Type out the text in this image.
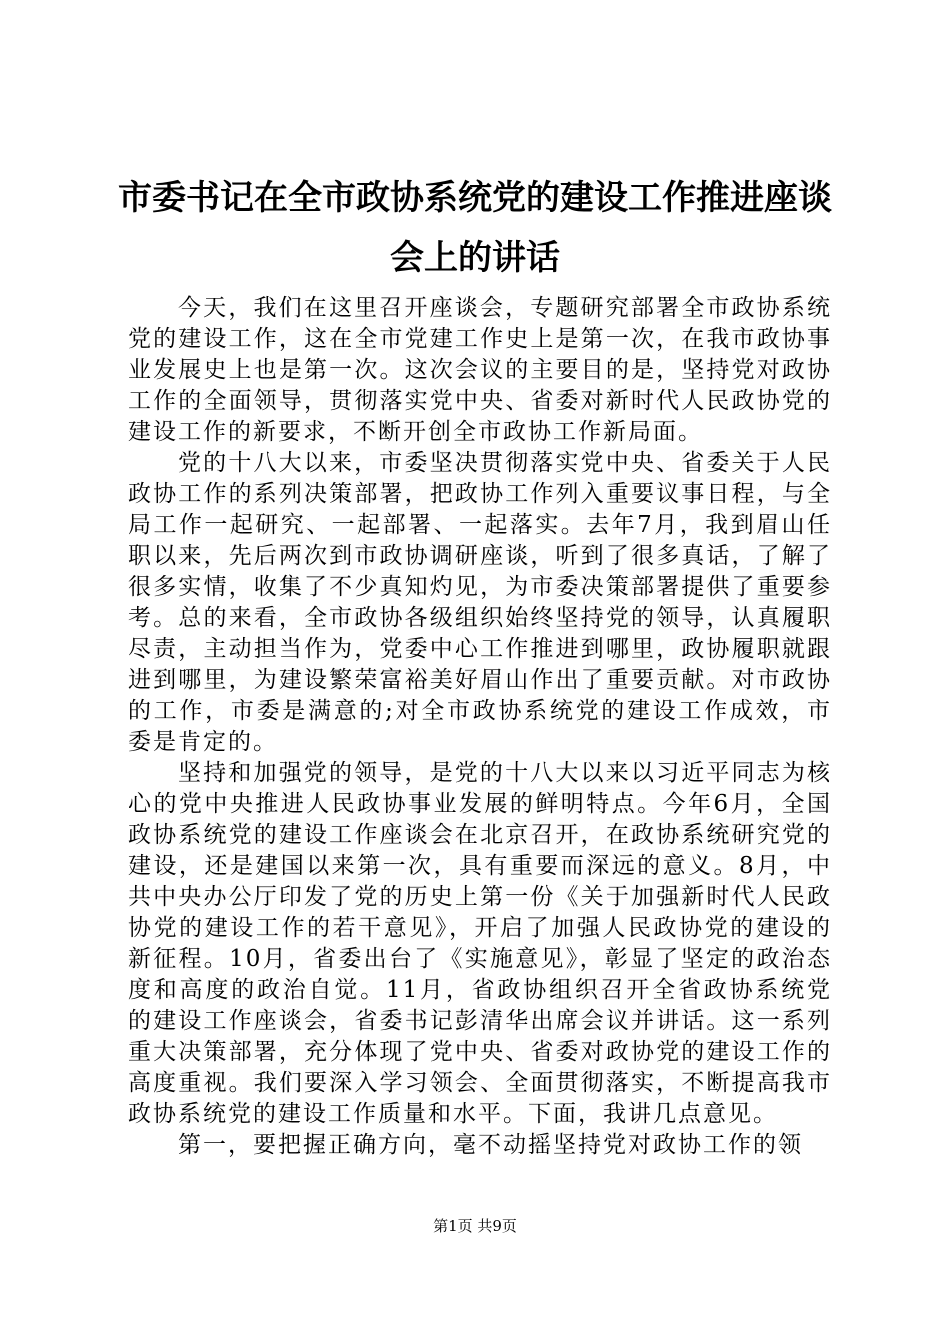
市委书记在全市政协系统党的建设工作推进座谈会上的讲话

今天，我们在这里召开座谈会，专题研究部署全市政协系统党的建设工作，这在全市党建工作史上是第一次，在我市政协事业发展史上也是第一次。这次会议的主要目的是，坚持党对政协工作的全面领导，贯彻落实党中央、省委对新时代人民政协党的建设工作的新要求，不断开创全市政协工作新局面。

党的十八大以来，市委坚决贯彻落实党中央、省委关于人民政协工作的系列决策部署，把政协工作列入重要议事日程，与全局工作一起研究、一起部署、一起落实。去年7月，我到眉山任职以来，先后两次到市政协调研座谈，听到了很多真话，了解了很多实情，收集了不少真知灼见，为市委决策部署提供了重要参考。总的来看，全市政协各级组织始终坚持党的领导，认真履职尽责，主动担当作为，党委中心工作推进到哪里，政协履职就跟进到哪里，为建设繁荣富裕美好眉山作出了重要贡献。对市政协的工作，市委是满意的;对全市政协系统党的建设工作成效，市委是肯定的。

坚持和加强党的领导，是党的十八大以来以习近平同志为核心的党中央推进人民政协事业发展的鲜明特点。今年6月，全国政协系统党的建设工作座谈会在北京召开，在政协系统研究党的建设，还是建国以来第一次，具有重要而深远的意义。8月，中共中央办公厅印发了党的历史上第一份《关于加强新时代人民政协党的建设工作的若干意见》，开启了加强人民政协党的建设的新征程。10月，省委出台了《实施意见》，彰显了坚定的政治态度和高度的政治自觉。11月，省政协组织召开全省政协系统党的建设工作座谈会，省委书记彭清华出席会议并讲话。这一系列重大决策部署，充分体现了党中央、省委对政协党的建设工作的高度重视。我们要深入学习领会、全面贯彻落实，不断提高我市政协系统党的建设工作质量和水平。下面，我讲几点意见。

第一，要把握正确方向，毫不动摇坚持党对政协工作的领

第1页 共9页
